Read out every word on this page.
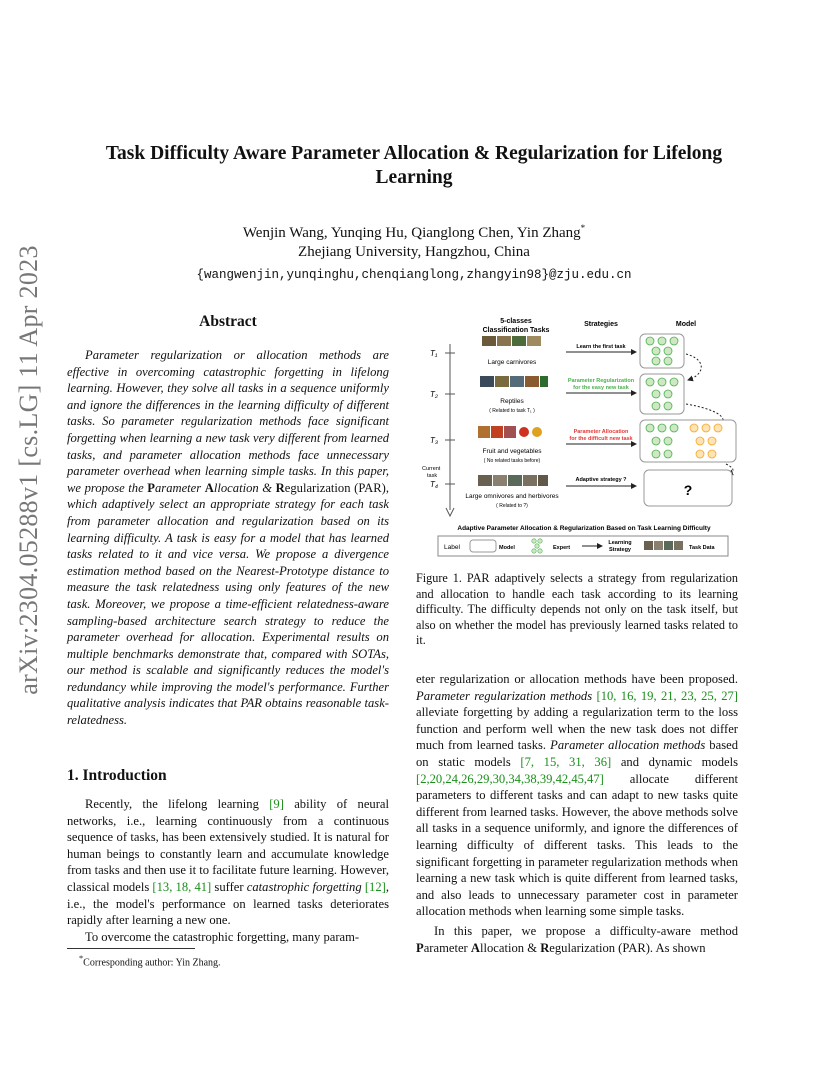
arXiv:2304.05288v1 [cs.LG] 11 Apr 2023
Task Difficulty Aware Parameter Allocation & Regularization for Lifelong
Learning
Wenjin Wang, Yunqing Hu, Qianglong Chen, Yin Zhang*
Zhejiang University, Hangzhou, China
{wangwenjin,yunqinghu,chenqianglong,zhangyin98}@zju.edu.cn
Abstract
Parameter regularization or allocation methods are effective in overcoming catastrophic forgetting in lifelong learning. However, they solve all tasks in a sequence uniformly and ignore the differences in the learning difficulty of different tasks. So parameter regularization methods face significant forgetting when learning a new task very different from learned tasks, and parameter allocation methods face unnecessary parameter overhead when learning simple tasks. In this paper, we propose the Parameter Allocation & Regularization (PAR), which adaptively select an appropriate strategy for each task from parameter allocation and regularization based on its learning difficulty. A task is easy for a model that has learned tasks related to it and vice versa. We propose a divergence estimation method based on the Nearest-Prototype distance to measure the task relatedness using only features of the new task. Moreover, we propose a time-efficient relatedness-aware sampling-based architecture search strategy to reduce the parameter overhead for allocation. Experimental results on multiple benchmarks demonstrate that, compared with SOTAs, our method is scalable and significantly reduces the model's redundancy while improving the model's performance. Further qualitative analysis indicates that PAR obtains reasonable task-relatedness.
1. Introduction

Recently, the lifelong learning [9] ability of neural networks, i.e., learning continuously from a continuous sequence of tasks, has been extensively studied. It is natural for human beings to constantly learn and accumulate knowledge from tasks and then use it to facilitate future learning. However, classical models [13, 18, 41] suffer catastrophic forgetting [12], i.e., the model's performance on learned tasks deteriorates rapidly after learning a new one.

To overcome the catastrophic forgetting, many param-

*Corresponding author: Yin Zhang.
5-classes
Classification Tasks
Strategies	Model
T₁
T₂
T₃
T₄
Current
task
Large carnivores
Reptiles
( Related to task T₁ )
Fruit and vegetables
( No related tasks before)
Large omnivores and herbivores
( Related to ?)
Learn the first task
Parameter Regularization
for the easy new task
Parameter Allocation
for the difficult new task
Adaptive strategy ?
?
Adaptive Parameter Allocation & Regularization Based on Task Learning Difficulty
Label	Model	Expert
Learning
Strategy	Task Data
Figure 1. PAR adaptively selects a strategy from regularization and allocation to handle each task according to its learning difficulty. The difficulty depends not only on the task itself, but also on whether the model has previously learned tasks related to it.

eter regularization or allocation methods have been proposed. Parameter regularization methods [10, 16, 19, 21, 23, 25, 27] alleviate forgetting by adding a regularization term to the loss function and perform well when the new task does not differ much from learned tasks. Parameter allocation methods based on static models [7, 15, 31, 36] and dynamic models [2,20,24,26,29,30,34,38,39,42,45,47] allocate different parameters to different tasks and can adapt to new tasks quite different from learned tasks. However, the above methods solve all tasks in a sequence uniformly, and ignore the differences of learning difficulty of different tasks. This leads to the significant forgetting in parameter regularization methods when learning a new task which is quite different from learned tasks, and also leads to unnecessary parameter cost in parameter allocation methods when learning some simple tasks.

In this paper, we propose a difficulty-aware method Parameter Allocation & Regularization (PAR). As shown
